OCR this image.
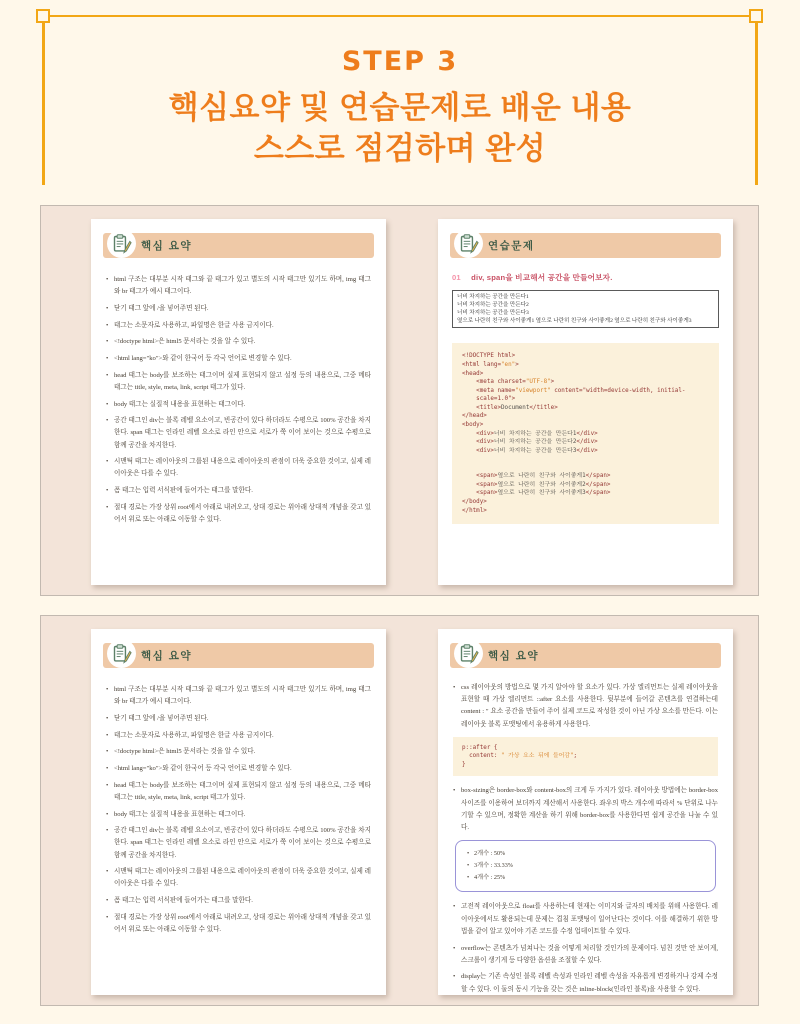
STEP 3
핵심요약 및 연습문제로 배운 내용
스스로 점검하며 완성
핵심 요약
• html 구조는 대부분 시작 태그와 끝 태그가 있고 별도의 시작 태그만 있기도 하며, img 태그와 br 태그가 예시 태그이다.
• 닫기 태그 앞에 /을 넣어주면 된다.
• 태그는 소문자로 사용하고, 파일명은 한글 사용 금지이다.
• <!doctype html>은 html5 문서라는 것을 알 수 있다.
• <html lang="ko">와 같이 한국어 등 각국 언어로 변경할 수 있다.
• head 태그는 body를 보조하는 태그이며 실제 표현되지 않고 설정 등의 내용으로, 그중 메타 태그는 title, style, meta, link, script 태그가 있다.
• body 태그는 실질적 내용을 표현하는 태그이다.
• 공간 태그인 div는 블록 레벨 요소이고, 빈공간이 있다 하더라도 수평으로 100% 공간을 차지한다. span 태그는 인라인 레벨 요소로 라인 안으로 서로가 쭉 이어 보이는 것으로 수평으로 함께 공간을 차지한다.
• 시맨틱 태그는 레이아웃의 그룹된 내용으로 레이아웃의 관점이 더욱 중요한 것이고, 실제 레이아웃은 다를 수 있다.
• 폼 태그는 입력 서식판에 들어가는 태그를 말한다.
• 절대 경로는 가장 상위 root에서 아래로 내려오고, 상대 경로는 위아래 상대적 개념을 갖고 있어서 위로 또는 아래로 이동할 수 있다.
연습문제
01 div, span을 비교해서 공간을 만들어보자.
너비 차지하는 공간을 만든다1
너비 차지하는 공간을 만든다2
너비 차지하는 공간을 만든다3
옆으로 나란히 친구와 사이좋게1 옆으로 나란히 친구와 사이좋게2 옆으로 나란히 친구와 사이좋게3
<!DOCTYPE html>
<html lang="en">
<head>
<meta charset="UTF-8">
<meta name="viewport" content="width=device-width, initial-
scale=1.0">
<title>Document</title>
</head>
<body>
<div>너비 차지하는 공간을 만든다1</div>
<div>너비 차지하는 공간을 만든다2</div>
<div>너비 차지하는 공간을 만든다3</div>

<span>옆으로 나란히 친구와 사이좋게1</span>
<span>옆으로 나란히 친구와 사이좋게2</span>
<span>옆으로 나란히 친구와 사이좋게3</span>
</body>
</html>
핵심 요약
• html 구조는 대부분 시작 태그와 끝 태그가 있고 별도의 시작 태그만 있기도 하며, img 태그와 br 태그가 예시 태그이다.
• 닫기 태그 앞에 /을 넣어주면 된다.
• 태그는 소문자로 사용하고, 파일명은 한글 사용 금지이다.
• <!doctype html>은 html5 문서라는 것을 알 수 있다.
• <html lang="ko">와 같이 한국어 등 각국 언어로 변경할 수 있다.
• head 태그는 body를 보조하는 태그이며 실제 표현되지 않고 설정 등의 내용으로, 그중 메타 태그는 title, style, meta, link, script 태그가 있다.
• body 태그는 실질적 내용을 표현하는 태그이다.
• 공간 태그인 div는 블록 레벨 요소이고, 빈공간이 있다 하더라도 수평으로 100% 공간을 차지한다. span 태그는 인라인 레벨 요소로 라인 안으로 서로가 쭉 이어 보이는 것으로 수평으로 함께 공간을 차지한다.
• 시맨틱 태그는 레이아웃의 그룹된 내용으로 레이아웃의 관점이 더욱 중요한 것이고, 실제 레이아웃은 다를 수 있다.
• 폼 태그는 입력 서식판에 들어가는 태그를 말한다.
• 절대 경로는 가장 상위 root에서 아래로 내려오고, 상대 경로는 위아래 상대적 개념을 갖고 있어서 위로 또는 아래로 이동할 수 있다.
핵심 요약
• css 레이아웃의 방법으로 몇 가지 알아야 할 요소가 있다. 가상 엘리먼트는 실제 레이아웃을 표현할 때 가상 엘리먼트 ::after 요소를 사용한다. 뒷부분에 들어갈 콘텐츠를 연결하는데 content : " 요소 공간을 만들어 주어 실제 코드로 작성한 것이 아닌 가상 요소를 만든다. 이는 레이아웃 블록 포맷팅에서 유용하게 사용한다.
p::after {
content: " 가상 요소 뒤에 들어감";
}
• box-sizing은 border-box와 content-box의 크게 두 가지가 있다. 레이아웃 방법에는 border-box 사이즈를 이용하여 보더까지 계산해서 사용한다. 좌우의 박스 개수에 따라서 % 단위로 나누기할 수 있으며, 정확한 계산을 하기 위해 border-box를 사용한다면 쉽게 공간을 나눌 수 있다.
• 2개수 : 50%
• 3개수 : 33.33%
• 4개수 : 25%
• 고전적 레이아웃으로 float를 사용하는데 현재는 이미지와 글자의 배치를 위해 사용한다. 레이아웃에서도 활용되는데 문제는 겹침 포맷팅이 일어난다는 것이다. 이를 해결하기 위한 방법을 같이 알고 있어야 기존 코드를 수정 업데이트할 수 있다.
• overflow는 콘텐츠가 넘쳐나는 것을 어떻게 처리할 것인가의 문제이다. 넘친 것만 안 보이게, 스크롤이 생기게 등 다양한 옵션을 조절할 수 있다.
• display는 기존 속성인 블록 레벨 속성과 인라인 레벨 속성을 자유롭게 변경하거나 강제 수정할 수 있다. 이 둘의 동시 기능을 갖는 것은 inline-block(인라인 블록)을 사용할 수 있다.
